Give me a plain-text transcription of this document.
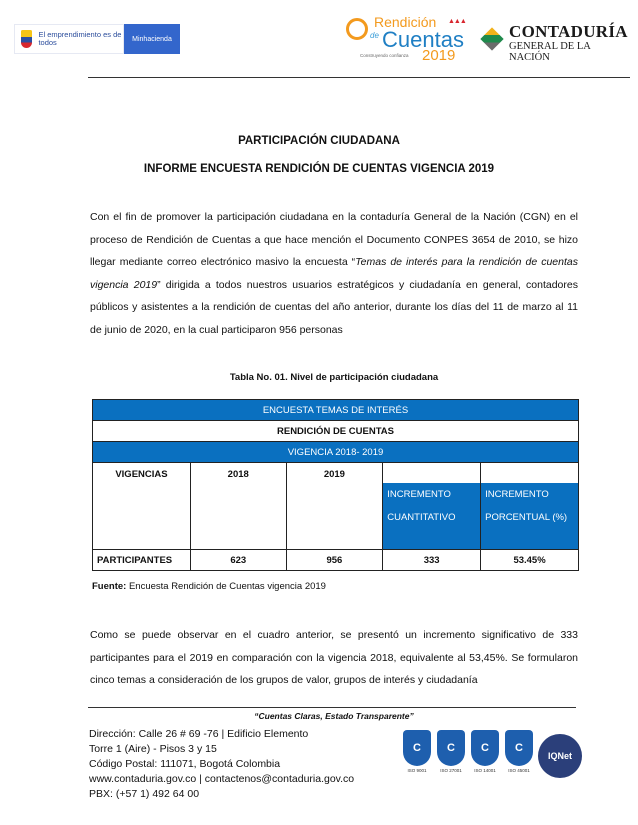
El emprendimiento es de todos	Minhacienda
Rendición ▲▲▲
de Cuentas
Construyendo confianza 2019
CONTADURÍA
GENERAL DE LA NACIÓN
PARTICIPACIÓN CIUDADANA
INFORME ENCUESTA RENDICIÓN DE CUENTAS VIGENCIA 2019
Con el fin de promover la participación ciudadana en la contaduría General de la Nación (CGN) en el proceso de Rendición de Cuentas a que hace mención el Documento CONPES 3654 de 2010, se hizo llegar mediante correo electrónico masivo la encuesta “Temas de interés para la rendición de cuentas vigencia 2019” dirigida a todos nuestros usuarios estratégicos y ciudadanía en general, contadores públicos y asistentes a la rendición de cuentas del año anterior, durante los días del 11 de marzo al 11 de junio de 2020, en la cual participaron 956 personas
Tabla No. 01. Nivel de participación ciudadana
ENCUESTA TEMAS DE INTERÉS				
RENDICIÓN DE CUENTAS				
VIGENCIA 2018- 2019				
VIGENCIAS	2018	2019	INCREMENTO CUANTITATIVO	INCREMENTO PORCENTUAL (%)

PARTICIPANTES	623	956	333	53.45%
Fuente: Encuesta Rendición de Cuentas vigencia 2019
Como se puede observar en el cuadro anterior, se presentó un incremento significativo de 333 participantes para el 2019 en comparación con la vigencia 2018, equivalente al 53,45%. Se formularon cinco temas a consideración de los grupos de valor, grupos de interés y ciudadanía
“Cuentas Claras, Estado Transparente”
Dirección: Calle 26 # 69 -76 | Edificio Elemento
Torre 1 (Aire) - Pisos 3 y 15
Código Postal: 111071, Bogotá Colombia
www.contaduria.gov.co | contactenos@contaduria.gov.co
PBX: (+57 1) 492 64 00
C
ISO 9001
C
ISO 27001
C
ISO 14001
C
ISO 45001
IQNet
